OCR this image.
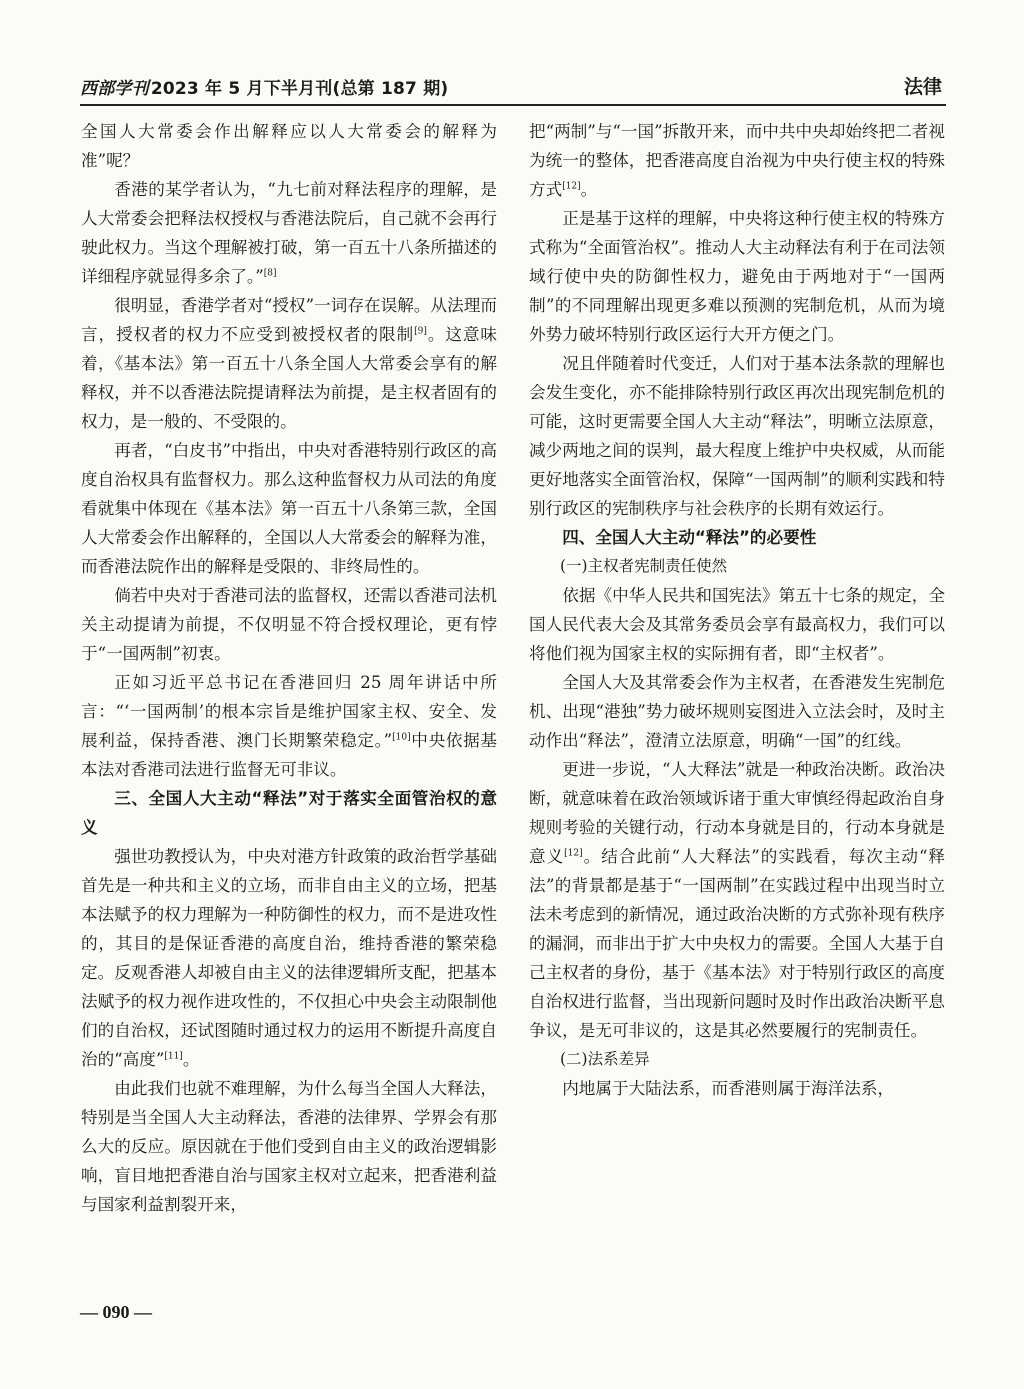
西部学刊 2023 年 5 月下半月刊(总第 187 期)	法律

全国人大常委会作出解释应以人大常委会的解释为准”呢？

香港的某学者认为，“九七前对释法程序的理解，是人大常委会把释法权授权与香港法院后，自己就不会再行驶此权力。当这个理解被打破，第一百五十八条所描述的详细程序就显得多余了。”[8]

很明显，香港学者对“授权”一词存在误解。从法理而言，授权者的权力不应受到被授权者的限制[9]。这意味着，《基本法》第一百五十八条全国人大常委会享有的解释权，并不以香港法院提请释法为前提，是主权者固有的权力，是一般的、不受限的。

再者，“白皮书”中指出，中央对香港特别行政区的高度自治权具有监督权力。那么这种监督权力从司法的角度看就集中体现在《基本法》第一百五十八条第三款，全国人大常委会作出解释的，全国以人大常委会的解释为准，而香港法院作出的解释是受限的、非终局性的。

倘若中央对于香港司法的监督权，还需以香港司法机关主动提请为前提，不仅明显不符合授权理论，更有悖于“一国两制”初衷。

正如习近平总书记在香港回归 25 周年讲话中所言：“‘一国两制’的根本宗旨是维护国家主权、安全、发展利益，保持香港、澳门长期繁荣稳定。”[10]中央依据基本法对香港司法进行监督无可非议。

三、全国人大主动“释法”对于落实全面管治权的意义

强世功教授认为，中央对港方针政策的政治哲学基础首先是一种共和主义的立场，而非自由主义的立场，把基本法赋予的权力理解为一种防御性的权力，而不是进攻性的，其目的是保证香港的高度自治，维持香港的繁荣稳定。反观香港人却被自由主义的法律逻辑所支配，把基本法赋予的权力视作进攻性的，不仅担心中央会主动限制他们的自治权，还试图随时通过权力的运用不断提升高度自治的“高度”[11]。

由此我们也就不难理解，为什么每当全国人大释法，特别是当全国人大主动释法，香港的法律界、学界会有那么大的反应。原因就在于他们受到自由主义的政治逻辑影响，盲目地把香港自治与国家主权对立起来，把香港利益与国家利益割裂开来，

把“两制”与“一国”拆散开来，而中共中央却始终把二者视为统一的整体，把香港高度自治视为中央行使主权的特殊方式[12]。

正是基于这样的理解，中央将这种行使主权的特殊方式称为“全面管治权”。推动人大主动释法有利于在司法领域行使中央的防御性权力，避免由于两地对于“一国两制”的不同理解出现更多难以预测的宪制危机，从而为境外势力破坏特别行政区运行大开方便之门。

况且伴随着时代变迁，人们对于基本法条款的理解也会发生变化，亦不能排除特别行政区再次出现宪制危机的可能，这时更需要全国人大主动“释法”，明晰立法原意，减少两地之间的误判，最大程度上维护中央权威，从而能更好地落实全面管治权，保障“一国两制”的顺利实践和特别行政区的宪制秩序与社会秩序的长期有效运行。

四、全国人大主动“释法”的必要性
(一)主权者宪制责任使然

依据《中华人民共和国宪法》第五十七条的规定，全国人民代表大会及其常务委员会享有最高权力，我们可以将他们视为国家主权的实际拥有者，即“主权者”。

全国人大及其常委会作为主权者，在香港发生宪制危机、出现“港独”势力破坏规则妄图进入立法会时，及时主动作出“释法”，澄清立法原意，明确“一国”的红线。

更进一步说，“人大释法”就是一种政治决断。政治决断，就意味着在政治领域诉诸于重大审慎经得起政治自身规则考验的关键行动，行动本身就是目的，行动本身就是意义[12]。结合此前“人大释法”的实践看，每次主动“释法”的背景都是基于“一国两制”在实践过程中出现当时立法未考虑到的新情况，通过政治决断的方式弥补现有秩序的漏洞，而非出于扩大中央权力的需要。全国人大基于自己主权者的身份，基于《基本法》对于特别行政区的高度自治权进行监督，当出现新问题时及时作出政治决断平息争议，是无可非议的，这是其必然要履行的宪制责任。

(二)法系差异

内地属于大陆法系，而香港则属于海洋法系，

— 090 —
